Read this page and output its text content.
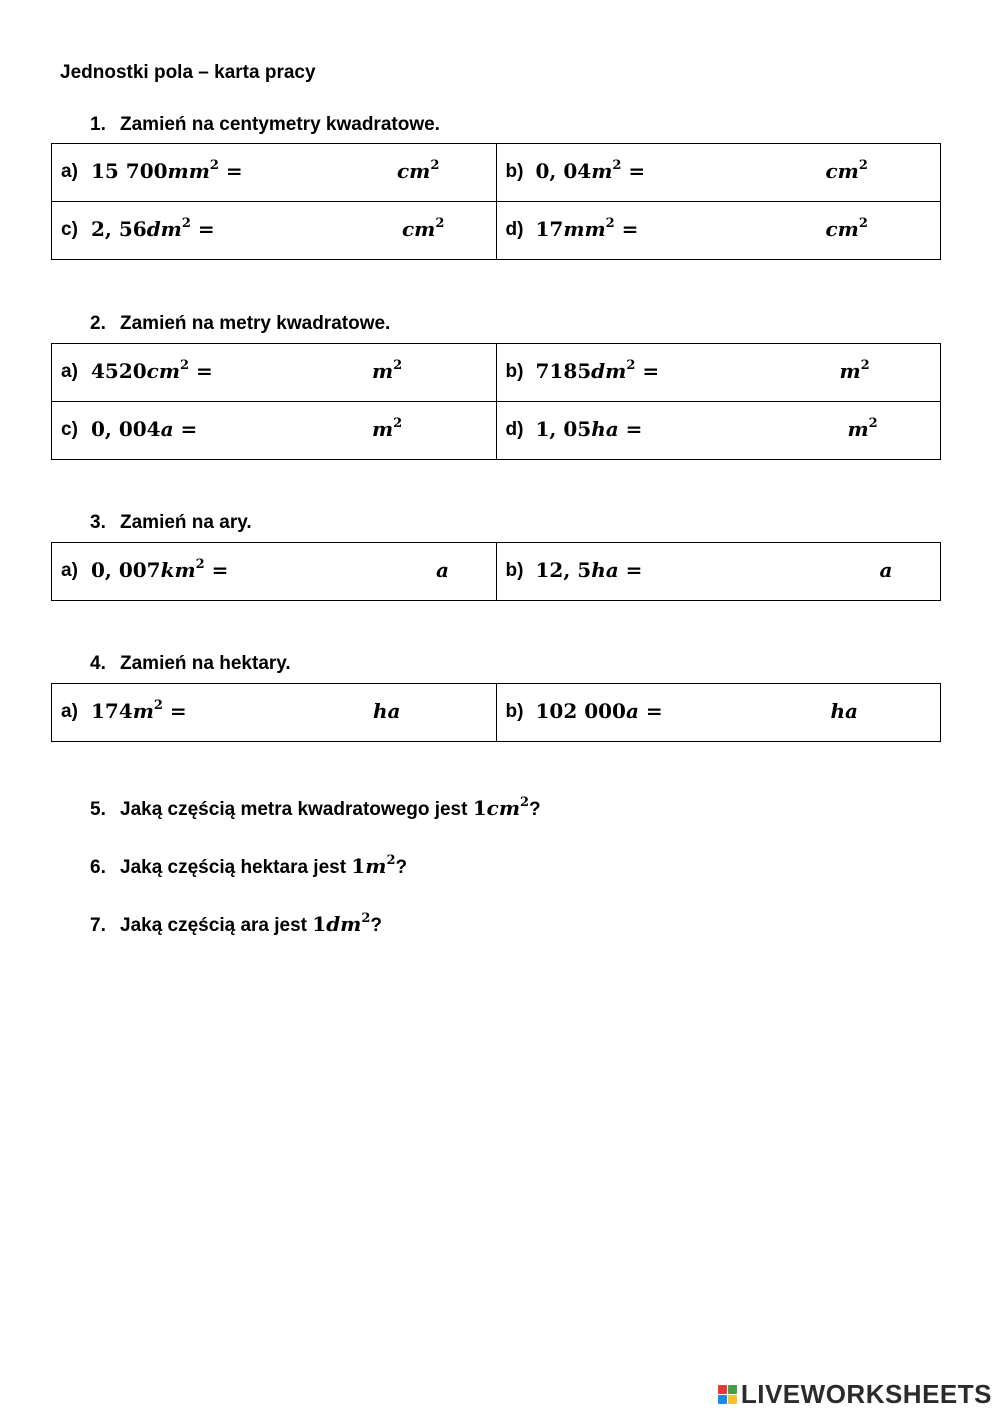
Jednostki pola – karta pracy
1. Zamień na centymetry kwadratowe.
a) 15 $700mm^2 = cm^2$	b) 0, $04m^2 = cm^2$

c) 2, $56dm^2 = cm^2$	d) $17mm^2 = cm^2$
2. Zamień na metry kwadratowe.
a) $4520cm^2 = m^2$	b) $7185dm^2 = m^2$

c) 0, $004a = m^2$	d) 1, $05ha = m^2$
3. Zamień na ary.
a) 0, $007km^2$ =	a	b) 12, 5ha =	a
4. Zamień na hektary.
a) $174m^2$ =	ha	b) 102 000a =	ha
5. Jaką częścią metra kwadratowego jest $1cm^2$?
6. Jaką częścią hektara jest $1m^2$?
7. Jaką częścią ara jest $1dm^2$?
LIVEWORKSHEETS
